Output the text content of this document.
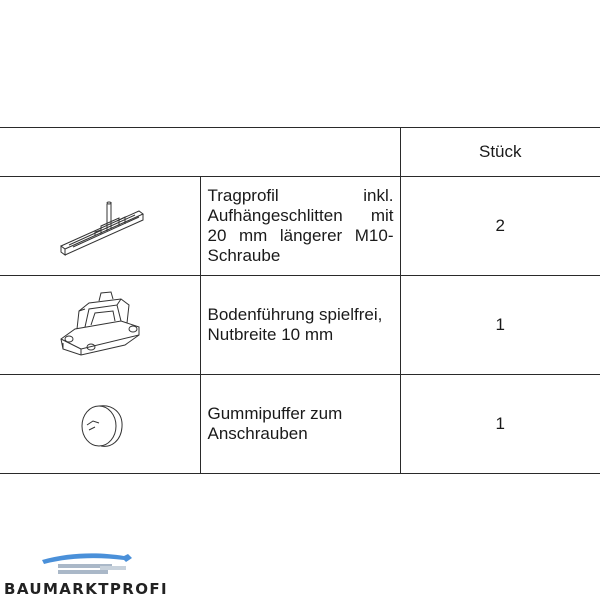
		Stück

	Tragprofil inkl. Aufhängeschlitten mit 20 mm längerer M10-Schraube	2

	Bodenführung spielfrei, Nutbreite 10 mm	1

	Gummipuffer zum Anschrauben	1
BAUMARKTPROFI
